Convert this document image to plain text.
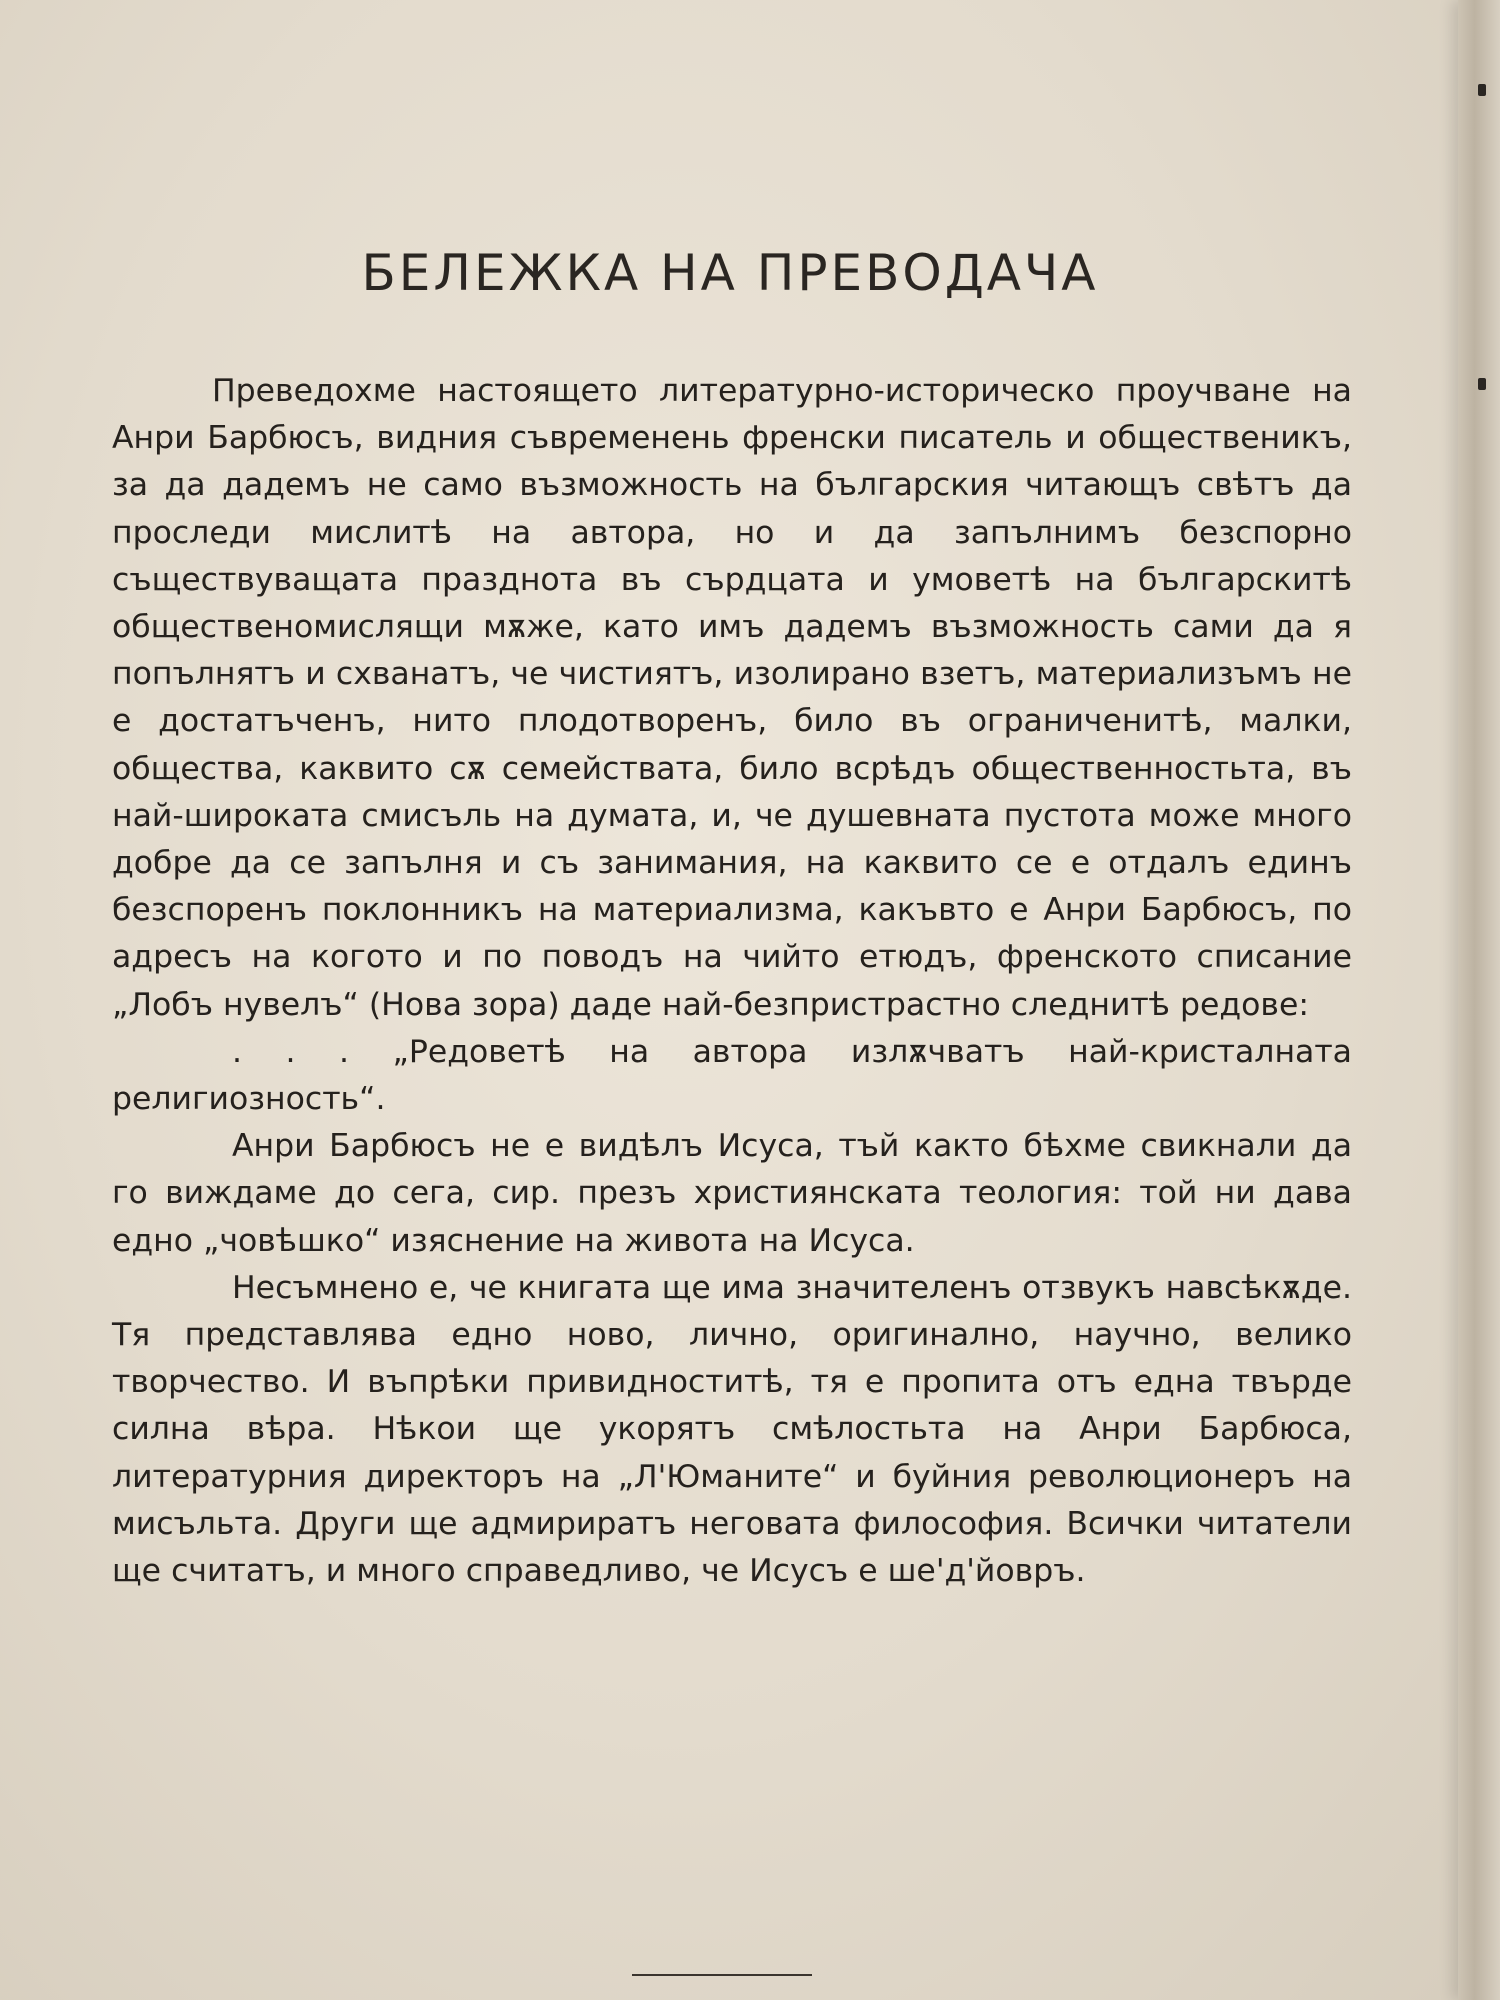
БЕЛЕЖКА НА ПРЕВОДАЧА

Преведохме настоящето литературно-историческо проучване на Анри Барбюсъ, видния съвременень френски писатель и общественикъ, за да дадемъ не само възможность на българския читающъ свѣтъ да проследи мислитѣ на автора, но и да запълнимъ безспорно съществуващата празднота въ сърдцата и умоветѣ на българскитѣ общественомислящи мѫже, като имъ дадемъ възможность сами да я попълнятъ и схванатъ, че чистиятъ, изолирано взетъ, материализъмъ не е достатъченъ, нито плодотворенъ, било въ ограниченитѣ, малки, общества, каквито сѫ семействата, било всрѣдъ общественностьта, въ най-широката смисъль на думата, и, че душевната пустота може много добре да се запълня и съ занимания, на каквито се е отдалъ единъ безспоренъ поклонникъ на материализма, какъвто е Анри Барбюсъ, по адресъ на когото и по поводъ на чийто етюдъ, френското списание „Лобъ нувелъ“ (Нова зора) даде най-безпристрастно следнитѣ редове:

. . . „Редоветѣ на автора излѫчватъ най-кристалната религиозность“.

Анри Барбюсъ не е видѣлъ Исуса, тъй както бѣхме свикнали да го виждаме до сега, сир. презъ християнската теология: той ни дава едно „човѣшко“ изяснение на живота на Исуса.

Несъмнено е, че книгата ще има значителенъ отзвукъ навсѣкѫде. Тя представлява едно ново, лично, оригинално, научно, велико творчество. И въпрѣки привидноститѣ, тя е пропита отъ една твърде силна вѣра. Нѣкои ще укорятъ смѣлостьта на Анри Барбюса, литературния директоръ на „Л'Юманите“ и буйния революционеръ на мисъльта. Други ще адмириратъ неговата философия. Всички читатели ще считатъ, и много справедливо, че Исусъ е ше'д'йовръ.
